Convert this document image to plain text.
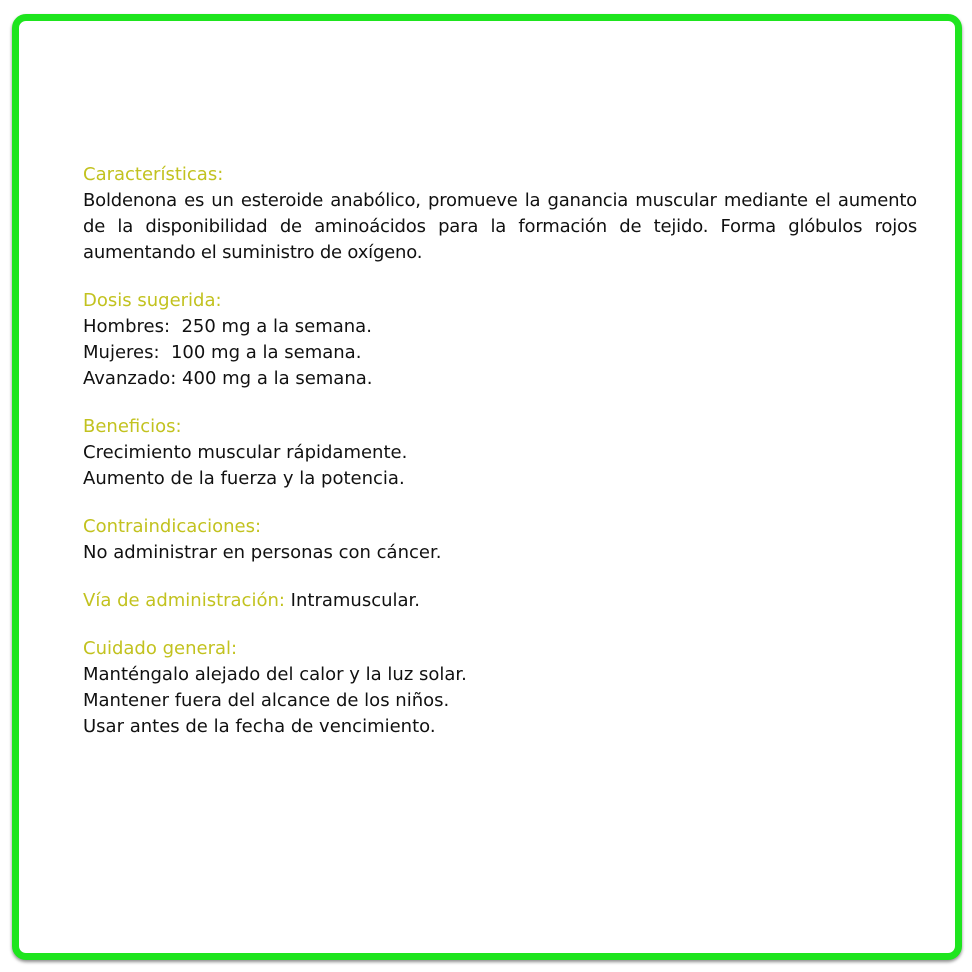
Características:
Boldenona es un esteroide anabólico, promueve la ganancia muscular mediante el aumento de la disponibilidad de aminoácidos para la formación de tejido. Forma glóbulos rojos aumentando el suministro de oxígeno.
Dosis sugerida:
Hombres:  250 mg a la semana.
Mujeres:  100 mg a la semana.
Avanzado: 400 mg a la semana.
Beneficios:
Crecimiento muscular rápidamente.
Aumento de la fuerza y la potencia.
Contraindicaciones:
No administrar en personas con cáncer.
Vía de administración: Intramuscular.
Cuidado general:
Manténgalo alejado del calor y la luz solar.
Mantener fuera del alcance de los niños.
Usar antes de la fecha de vencimiento.
